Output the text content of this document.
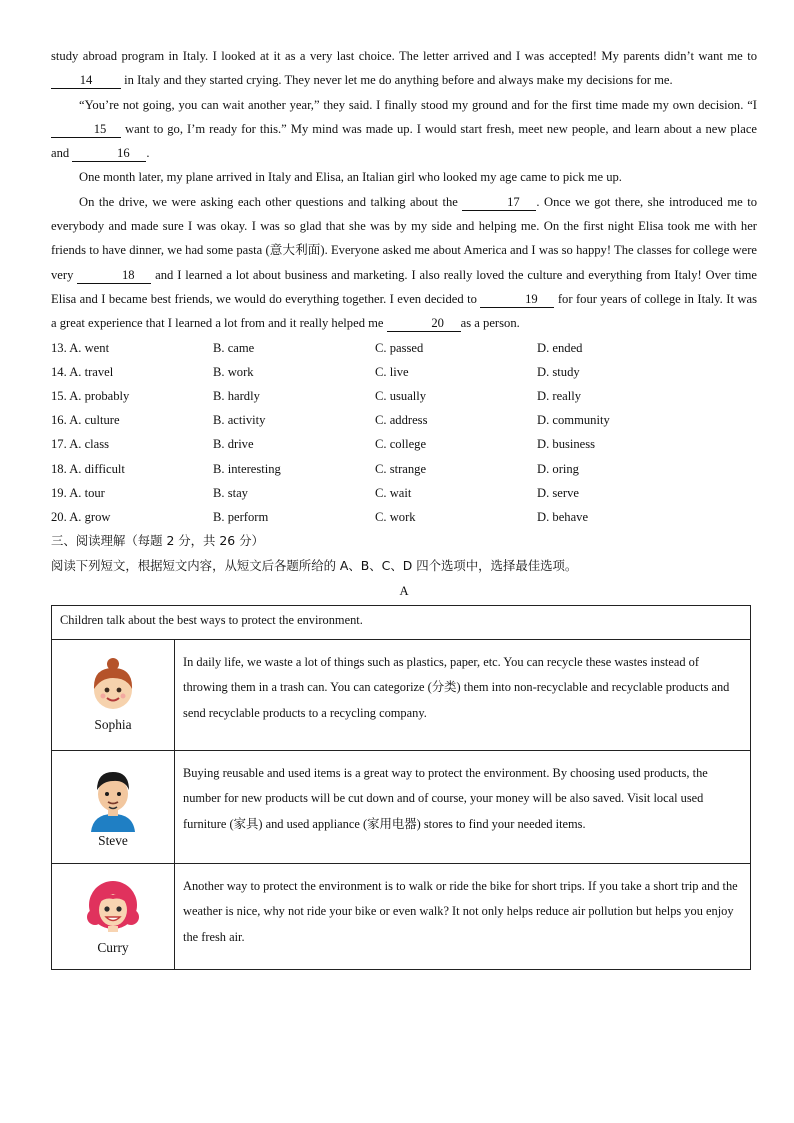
study abroad program in Italy. I looked at it as a very last choice. The letter arrived and I was accepted! My parents didn’t want me to 14 in Italy and they started crying. They never let me do anything before and always make my decisions for me.

“You’re not going, you can wait another year,” they said. I finally stood my ground and for the first time made my own decision. “I 15 want to go, I’m ready for this.” My mind was made up. I would start fresh, meet new people, and learn about a new place and	16 .

One month later, my plane arrived in Italy and Elisa, an Italian girl who looked my age came to pick me up.

On the drive, we were asking each other questions and talking about the	17 . Once we got there, she introduced me to everybody and made sure I was okay. I was so glad that she was by my side and helping me. On the first night Elisa took me with her friends to have dinner, we had some pasta (意大利面). Everyone asked me about America and I was so happy! The classes for college were very	18 and I learned a lot about business and marketing. I also really loved the culture and everything from Italy! Over time Elisa and I became best friends, we would do everything together. I even decided to	19 for four years of college in Italy. It was a great experience that I learned a lot from and it really helped me	20 as a person.

13. A. went	B. came	C. passed	D. ended
14. A. travel	B. work	C. live	D. study
15. A. probably	B. hardly	C. usually	D. really
16. A. culture	B. activity	C. address	D. community
17. A. class	B. drive	C. college	D. business
18. A. difficult	B. interesting	C. strange	D. oring
19. A. tour	B. stay	C. wait	D. serve
20. A. grow	B. perform	C. work	D. behave

三、阅读理解（每题 2 分，共 26 分）

阅读下列短文，根据短文内容，从短文后各题所给的 A、B、C、D 四个选项中，选择最佳选项。

A

Children talk about the best ways to protect the environment.	

Sophia	In daily life, we waste a lot of things such as plastics, paper, etc. You can recycle these wastes instead of throwing them in a trash can. You can categorize (分类) them into non-recyclable and recyclable products and send recyclable products to a recycling company.

Steve	Buying reusable and used items is a great way to protect the environment. By choosing used products, the number for new products will be cut down and of course, your money will be also saved. Visit local used furniture (家具) and used appliance (家用电器) stores to find your needed items.

Curry	Another way to protect the environment is to walk or ride the bike for short trips. If you take a short trip and the weather is nice, why not ride your bike or even walk? It not only helps reduce air pollution but helps you enjoy the fresh air.
